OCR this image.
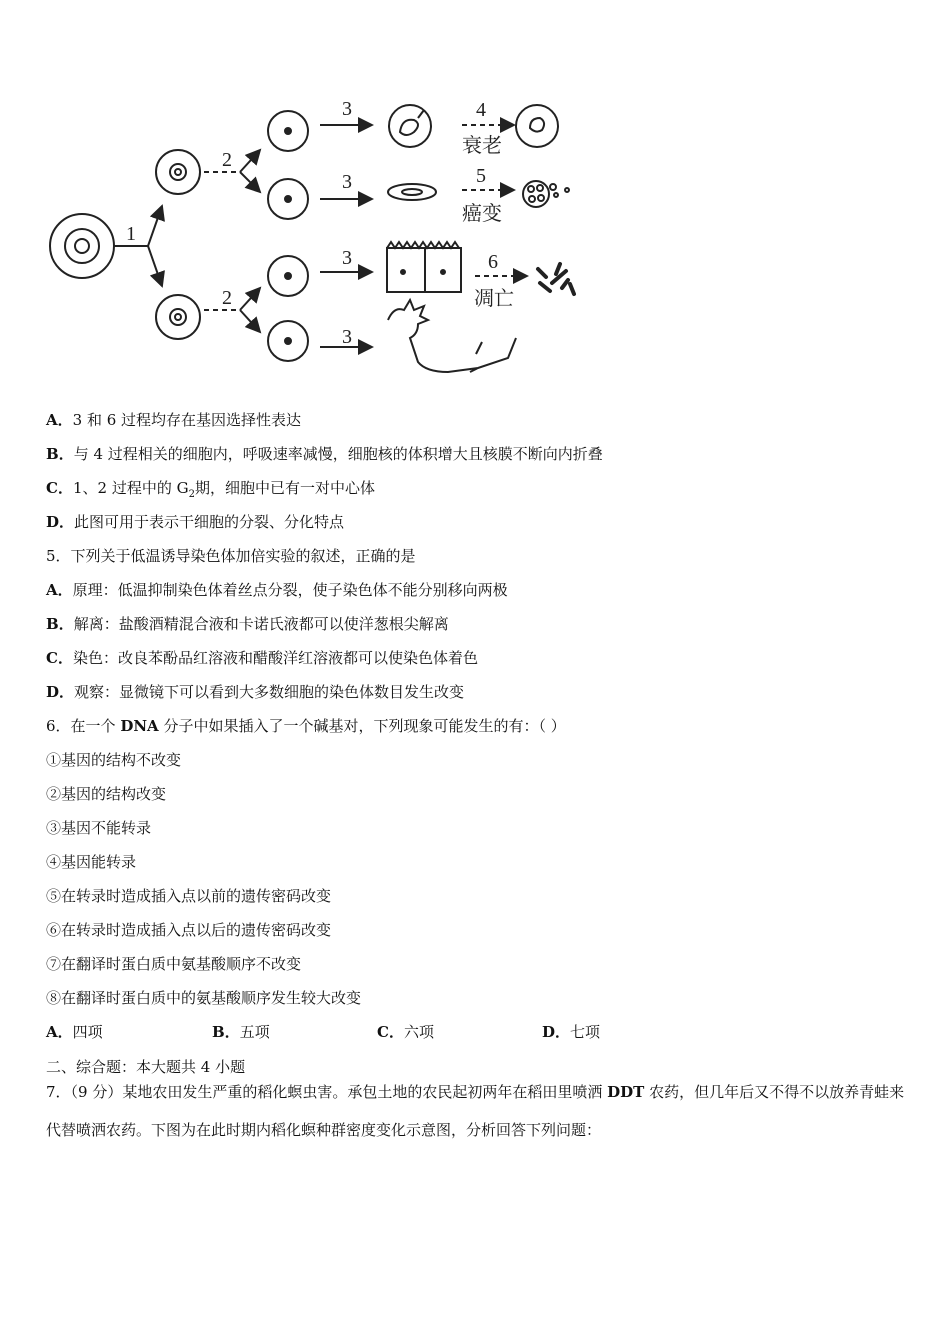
1
2
2
3
3
3
3
4
5
6
衰老
癌变
凋亡
A．3 和 6 过程均存在基因选择性表达
B．与 4 过程相关的细胞内，呼吸速率减慢，细胞核的体积增大且核膜不断向内折叠
C．1、2 过程中的 $G_2$期，细胞中已有一对中心体
D．此图可用于表示干细胞的分裂、分化特点
5．下列关于低温诱导染色体加倍实验的叙述，正确的是
A．原理：低温抑制染色体着丝点分裂，使子染色体不能分别移向两极
B．解离：盐酸酒精混合液和卡诺氏液都可以使洋葱根尖解离
C．染色：改良苯酚品红溶液和醋酸洋红溶液都可以使染色体着色
D．观察：显微镜下可以看到大多数细胞的染色体数目发生改变
6．在一个 DNA 分子中如果插入了一个碱基对，下列现象可能发生的有：（ ）
①基因的结构不改变
②基因的结构改变
③基因不能转录
④基因能转录
⑤在转录时造成插入点以前的遗传密码改变
⑥在转录时造成插入点以后的遗传密码改变
⑦在翻译时蛋白质中氨基酸顺序不改变
⑧在翻译时蛋白质中的氨基酸顺序发生较大改变
A．四项	B．五项	C．六项	D．七项
二、综合题：本大题共 4 小题
7．（9 分）某地农田发生严重的稻化螟虫害。承包土地的农民起初两年在稻田里喷洒 DDT 农药，但几年后又不得不以放养青蛙来代替喷洒农药。下图为在此时期内稻化螟种群密度变化示意图，分析回答下列问题：
